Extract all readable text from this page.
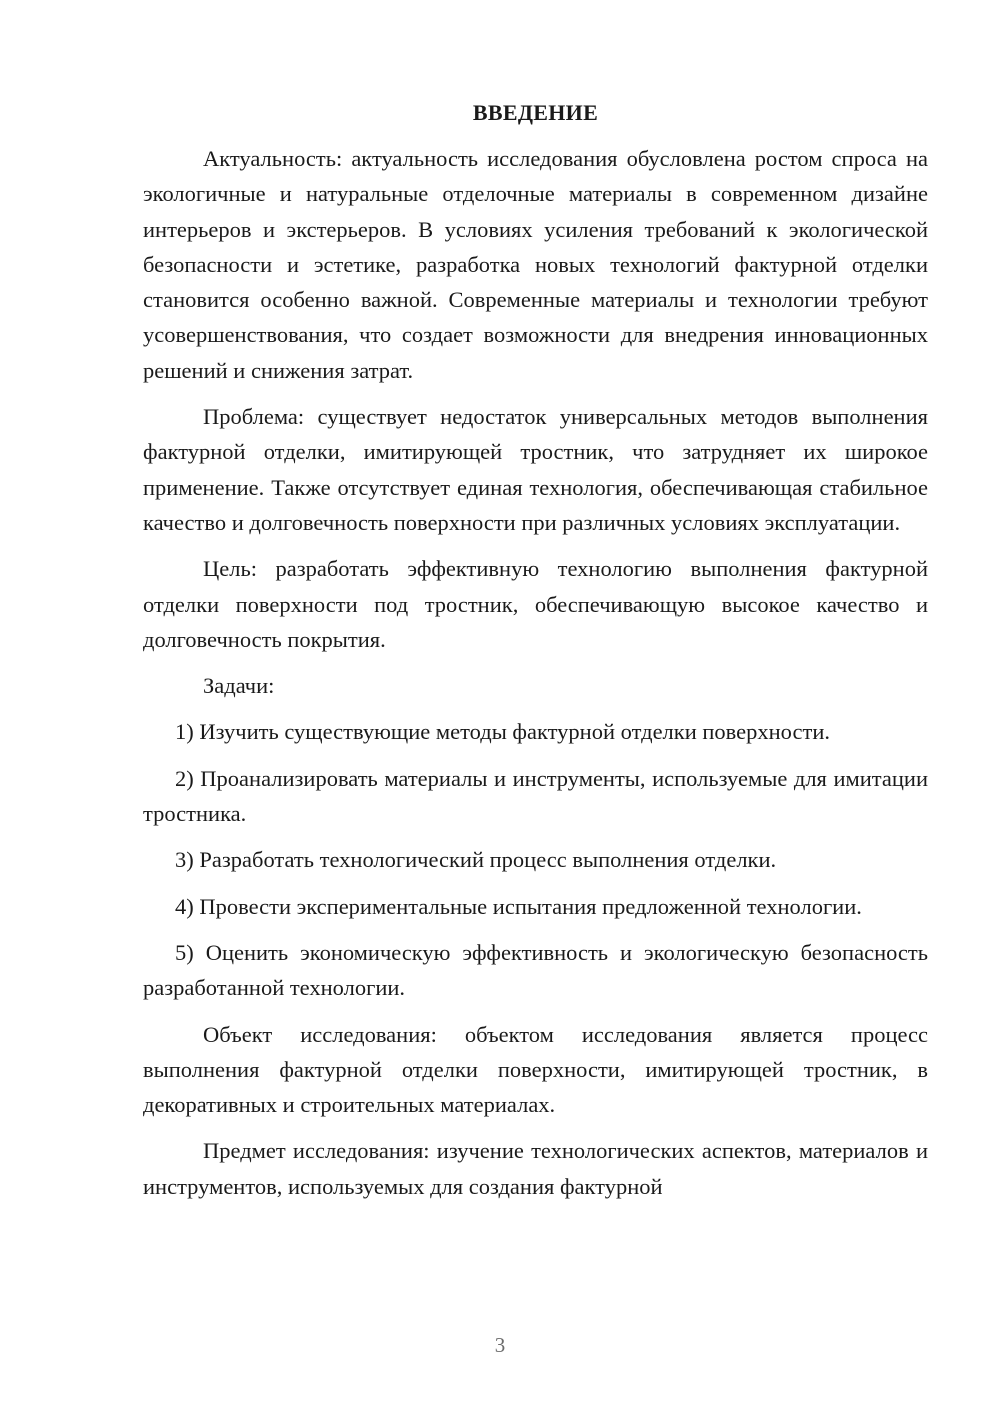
ВВЕДЕНИЕ

Актуальность: актуальность исследования обусловлена ростом спроса на экологичные и натуральные отделочные материалы в современном дизайне интерьеров и экстерьеров. В условиях усиления требований к экологической безопасности и эстетике, разработка новых технологий фактурной отделки становится особенно важной. Современные материалы и технологии требуют усовершенствования, что создает возможности для внедрения инновационных решений и снижения затрат.

Проблема: существует недостаток универсальных методов выполнения фактурной отделки, имитирующей тростник, что затрудняет их широкое применение. Также отсутствует единая технология, обеспечивающая стабильное качество и долговечность поверхности при различных условиях эксплуатации.

Цель: разработать эффективную технологию выполнения фактурной отделки поверхности под тростник, обеспечивающую высокое качество и долговечность покрытия.

Задачи:

1) Изучить существующие методы фактурной отделки поверхности.

2) Проанализировать материалы и инструменты, используемые для имитации тростника.

3) Разработать технологический процесс выполнения отделки.

4) Провести экспериментальные испытания предложенной технологии.

5) Оценить экономическую эффективность и экологическую безопасность разработанной технологии.

Объект исследования: объектом исследования является процесс выполнения фактурной отделки поверхности, имитирующей тростник, в декоративных и строительных материалах.

Предмет исследования: изучение технологических аспектов, материалов и инструментов, используемых для создания фактурной

3
